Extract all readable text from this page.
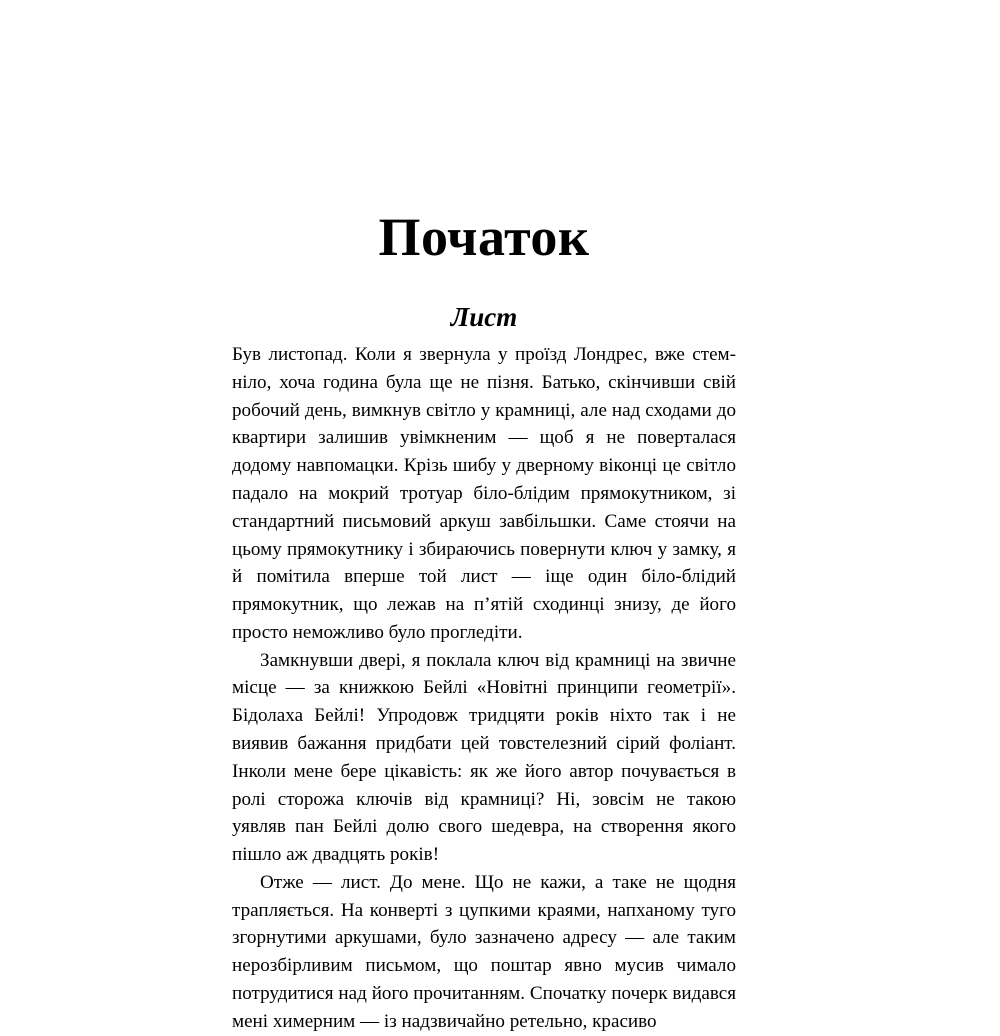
Початок
Лист

Був листопад. Коли я звернула у проїзд Лондрес, вже стемніло, хоча година була ще не пізня. Батько, скінчивши свій робочий день, вимкнув світло у крамниці, але над сходами до квартири залишив увімкненим — щоб я не поверталася додому навпомацки. Крізь шибу у дверному віконці це світло падало на мокрий тротуар біло-блідим прямокутником, зі стандартний письмовий аркуш завбільшки. Саме стоячи на цьому прямокутнику і збираючись повернути ключ у замку, я й помітила вперше той лист — іще один біло-блідий прямокутник, що лежав на п’ятій сходинці знизу, де його просто неможливо було прогледіти.

Замкнувши двері, я поклала ключ від крамниці на звичне місце — за книжкою Бейлі «Новітні принципи геометрії». Бідолаха Бейлі! Упродовж тридцяти років ніхто так і не виявив бажання придбати цей товстелезний сірий фоліант. Інколи мене бере цікавість: як же його автор почувається в ролі сторожа ключів від крамниці? Ні, зовсім не такою уявляв пан Бейлі долю свого шедевра, на створення якого пішло аж двадцять років!

Отже — лист. До мене. Що не кажи, а таке не щодня трапляється. На конверті з цупкими краями, напханому туго згорнутими аркушами, було зазначено адресу — але таким нерозбірливим письмом, що поштар явно мусив чимало потрудитися над його прочитанням. Спочатку почерк видався мені химерним — із надзвичайно ретельно, красиво
